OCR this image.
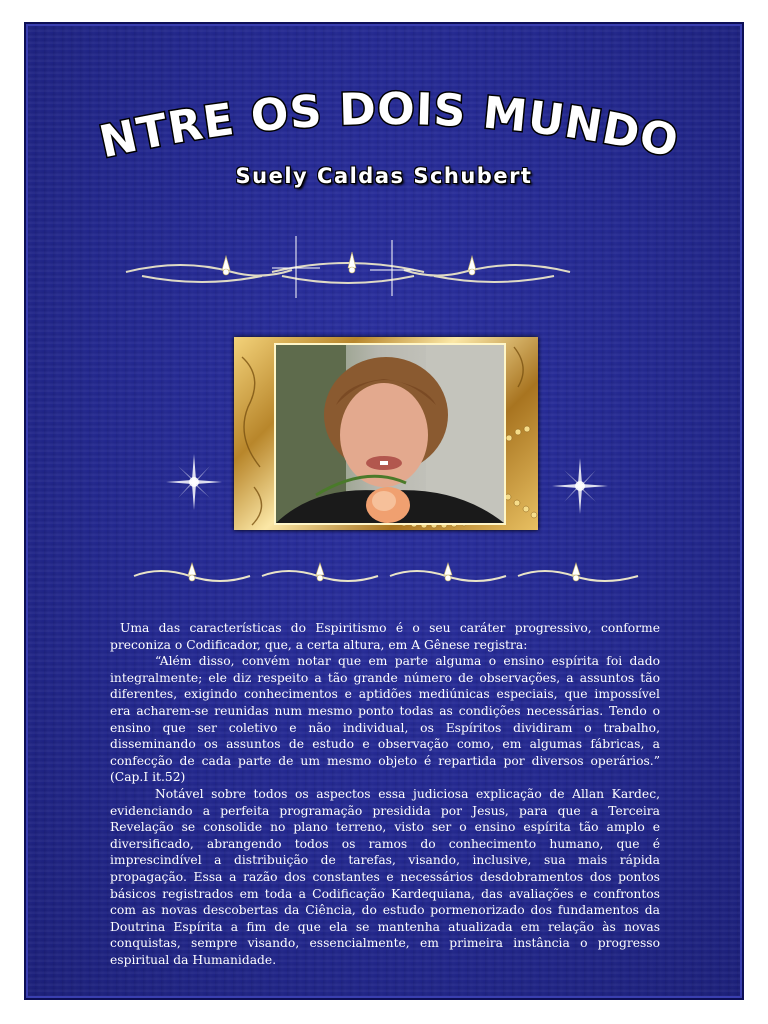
ENTRE OS DOIS MUNDOS
Suely Caldas Schubert

Uma das características do Espiritismo é o seu caráter progressivo, conforme preconiza o Codificador, que, a certa altura, em A Gênese registra:

“Além disso, convém notar que em parte alguma o ensino espírita foi dado integralmente; ele diz respeito a tão grande número de observações, a assuntos tão diferentes, exigindo conhecimentos e aptidões mediúnicas especiais, que impossível era acharem-se reunidas num mesmo ponto todas as condições necessárias. Tendo o ensino que ser coletivo e não individual, os Espíritos dividiram o trabalho, disseminando os assuntos de estudo e observação como, em algumas fábricas, a confecção de cada parte de um mesmo objeto é repartida por diversos operários.” (Cap.I it.52)

Notável sobre todos os aspectos essa judiciosa explicação de Allan Kardec, evidenciando a perfeita programação presidida por Jesus, para que a Terceira Revelação se consolide no plano terreno, visto ser o ensino espírita tão amplo e diversificado, abrangendo todos os ramos do conhecimento humano, que é imprescindível a distribuição de tarefas, visando, inclusive, sua mais rápida propagação. Essa a razão dos constantes e necessários desdobramentos dos pontos básicos registrados em toda a Codificação Kardequiana, das avaliações e confrontos com as novas descobertas da Ciência, do estudo pormenorizado dos fundamentos da Doutrina Espírita a fim de que ela se mantenha atualizada em relação às novas conquistas, sempre visando, essencialmente, em primeira instância o progresso espiritual da Humanidade.
